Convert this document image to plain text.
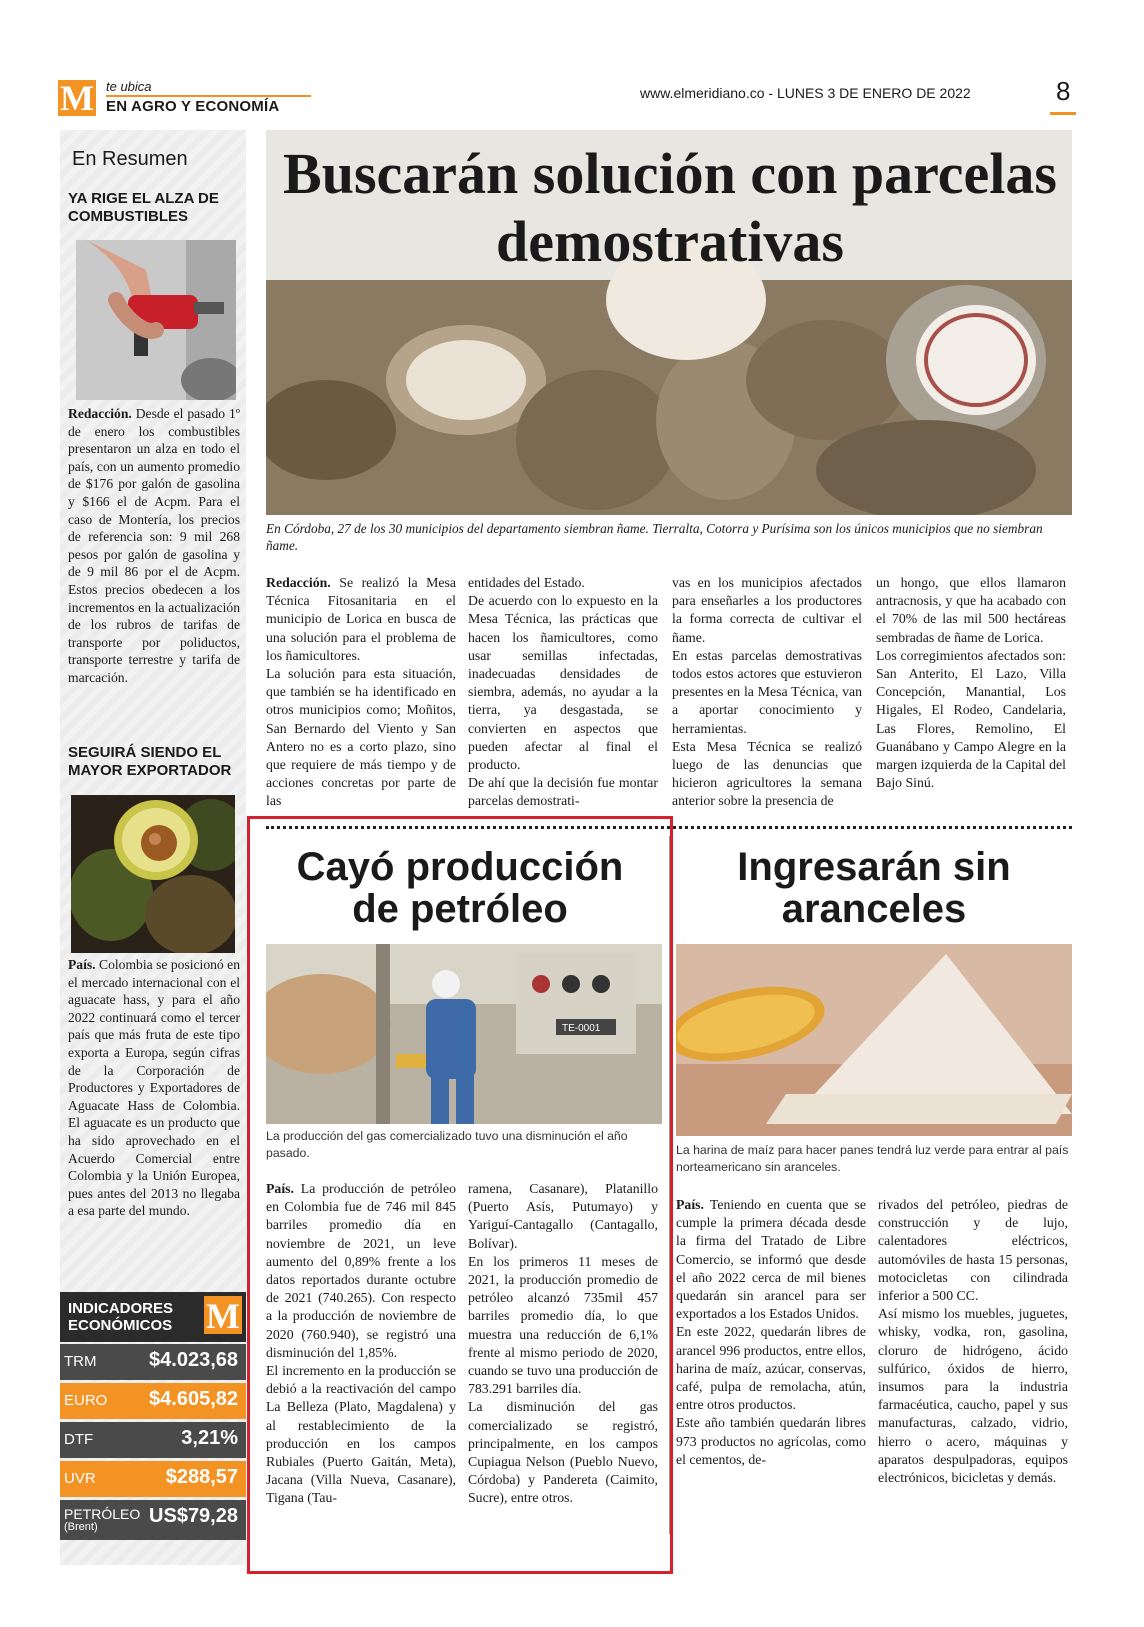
M te ubica
EN AGRO Y ECONOMÍA
www.elmeridiano.co - LUNES 3 DE ENERO DE 2022	8
En Resumen
YA RIGE EL ALZA DE COMBUSTIBLES
Redacción. Desde el pasado 1º de enero los combustibles presentaron un alza en todo el país, con un aumento promedio de $176 por galón de gasolina y $166 el de Acpm. Para el caso de Montería, los precios de referencia son: 9 mil 268 pesos por galón de gasolina y de 9 mil 86 por el de Acpm. Estos precios obedecen a los incrementos en la actualización de los rubros de tarifas de transporte por poliductos, transporte terrestre y tarifa de marcación.
SEGUIRÁ SIENDO EL MAYOR EXPORTADOR
País. Colombia se posicionó en el mercado internacional con el aguacate hass, y para el año 2022 continuará como el tercer país que más fruta de este tipo exporta a Europa, según cifras de la Corporación de Productores y Exportadores de Aguacate Hass de Colombia. El aguacate es un producto que ha sido aprovechado en el Acuerdo Comercial entre Colombia y la Unión Europea, pues antes del 2013 no llegaba a esa parte del mundo.
INDICADORES
ECONÓMICOS M
TRM	$4.023,68
EURO $4.605,82
DTF	3,21%
UVR	$288,57
PETRÓLEO
(Brent)	US$79,28
Buscarán solución con parcelas demostrativas
En Córdoba, 27 de los 30 municipios del departamento siembran ñame. Tierralta, Cotorra y Purísima son los únicos municipios que no siembran ñame.

Redacción. Se realizó la Mesa Técnica Fitosanitaria en el municipio de Lorica en busca de una solución para el problema de los ñamicultores.

La solución para esta situación, que también se ha identificado en otros municipios como; Moñitos, San Bernardo del Viento y San Antero no es a corto plazo, sino que requiere de más tiempo y de acciones concretas por parte de las

entidades del Estado.

De acuerdo con lo expuesto en la Mesa Técnica, las prácticas que hacen los ñamicultores, como usar semillas infectadas, inadecuadas densidades de siembra, además, no ayudar a la tierra, ya desgastada, se convierten en aspectos que pueden afectar al final el producto.

De ahí que la decisión fue montar parcelas demostrati-

vas en los municipios afectados para enseñarles a los productores la forma correcta de cultivar el ñame.

En estas parcelas demostrativas todos estos actores que estuvieron presentes en la Mesa Técnica, van a aportar conocimiento y herramientas.

Esta Mesa Técnica se realizó luego de las denuncias que hicieron agricultores la semana anterior sobre la presencia de

un hongo, que ellos llamaron antracnosis, y que ha acabado con el 70% de las mil 500 hectáreas sembradas de ñame de Lorica.

Los corregimientos afectados son: San Anterito, El Lazo, Villa Concepción, Manantial, Los Higales, El Rodeo, Candelaria, Las Flores, Remolino, El Guanábano y Campo Alegre en la margen izquierda de la Capital del Bajo Sinú.

Cayó producción
de petróleo
TE-0001
La producción del gas comercializado tuvo una disminución el año pasado.

País. La producción de petróleo en Colombia fue de 746 mil 845 barriles promedio día en noviembre de 2021, un leve aumento del 0,89% frente a los datos reportados durante octubre de 2021 (740.265). Con respecto a la producción de noviembre de 2020 (760.940), se registró una disminución del 1,85%.

El incremento en la producción se debió a la reactivación del campo La Belleza (Plato, Magdalena) y al restablecimiento de la producción en los campos Rubiales (Puerto Gaitán, Meta), Jacana (Villa Nueva, Casanare), Tigana (Tau-

ramena, Casanare), Platanillo (Puerto Asís, Putumayo) y Yariguí-Cantagallo (Cantagallo, Bolívar).

En los primeros 11 meses de 2021, la producción promedio de petróleo alcanzó 735mil 457 barriles promedio día, lo que muestra una reducción de 6,1% frente al mismo periodo de 2020, cuando se tuvo una producción de 783.291 barriles día.

La disminución del gas comercializado se registró, principalmente, en los campos Cupiagua Nelson (Pueblo Nuevo, Córdoba) y Pandereta (Caimito, Sucre), entre otros.

Ingresarán sin
aranceles
La harina de maíz para hacer panes tendrá luz verde para entrar al país norteamericano sin aranceles.

País. Teniendo en cuenta que se cumple la primera década desde la firma del Tratado de Libre Comercio, se informó que desde el año 2022 cerca de mil bienes quedarán sin arancel para ser exportados a los Estados Unidos.

En este 2022, quedarán libres de arancel 996 productos, entre ellos, harina de maíz, azúcar, conservas, café, pulpa de remolacha, atún, entre otros productos.

Este año también quedarán libres 973 productos no agrícolas, como el cementos, de-

rivados del petróleo, piedras de construcción y de lujo, calentadores eléctricos, automóviles de hasta 15 personas, motocicletas con cilindrada inferior a 500 CC.

Así mismo los muebles, juguetes, whisky, vodka, ron, gasolina, cloruro de hidrógeno, ácido sulfúrico, óxidos de hierro, insumos para la industria farmacéutica, caucho, papel y sus manufacturas, calzado, vidrio, hierro o acero, máquinas y aparatos despulpadoras, equipos electrónicos, bicicletas y demás.
